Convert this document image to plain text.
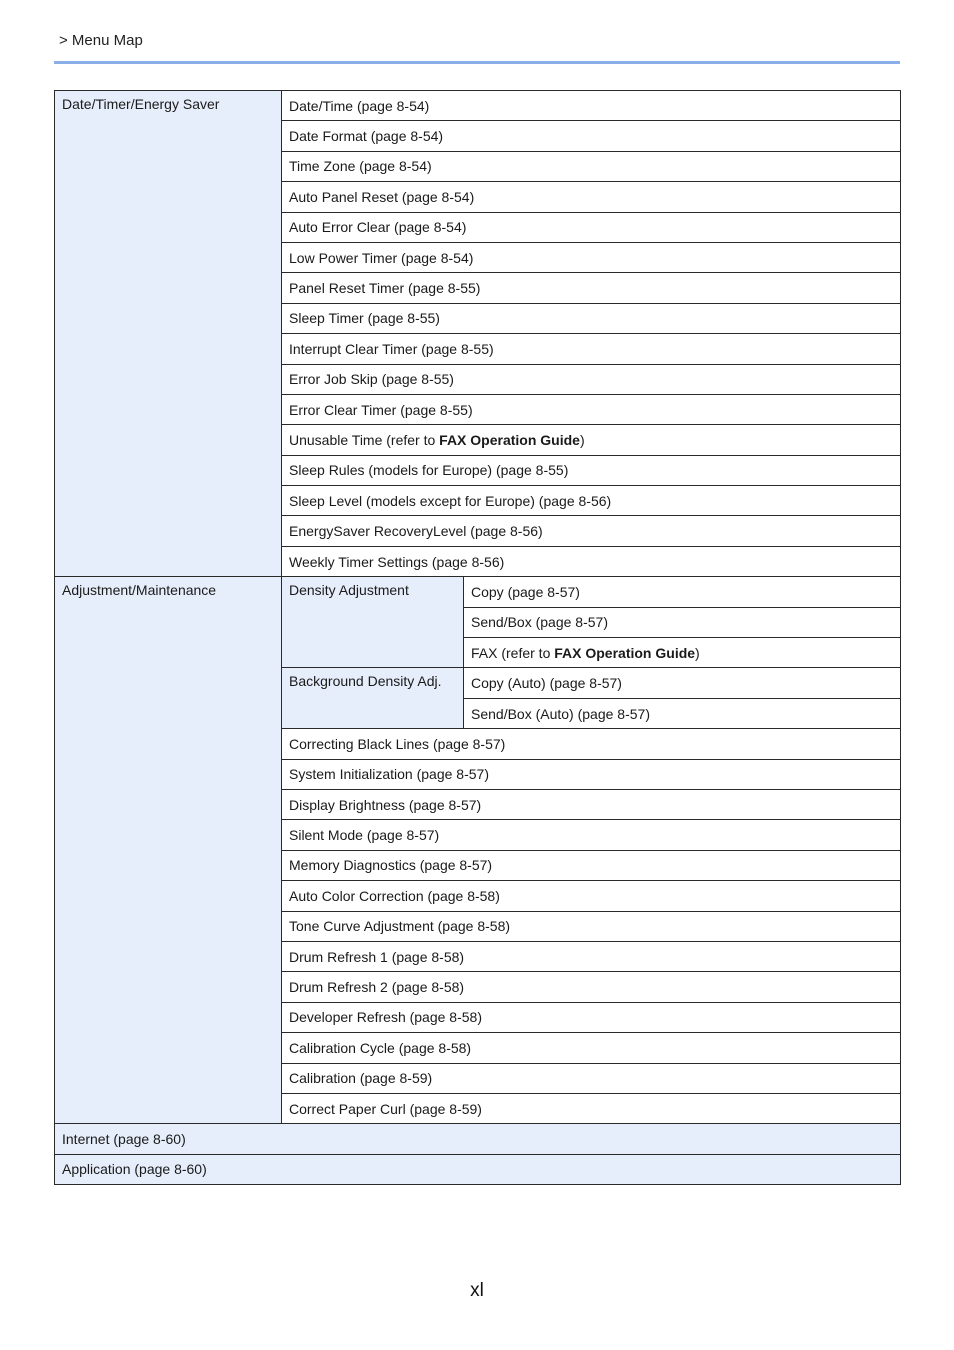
> Menu Map
Date/Timer/Energy Saver	Date/Time (page 8-54)	
	Date Format (page 8-54)	
	Time Zone (page 8-54)	
	Auto Panel Reset (page 8-54)	
	Auto Error Clear (page 8-54)	
	Low Power Timer (page 8-54)	
	Panel Reset Timer (page 8-55)	
	Sleep Timer (page 8-55)	
	Interrupt Clear Timer (page 8-55)	
	Error Job Skip (page 8-55)	
	Error Clear Timer (page 8-55)	
	Unusable Time (refer to FAX Operation Guide)	
	Sleep Rules (models for Europe) (page 8-55)	
	Sleep Level (models except for Europe) (page 8-56)	
	EnergySaver RecoveryLevel (page 8-56)	
	Weekly Timer Settings (page 8-56)	
Adjustment/Maintenance	Density Adjustment	Copy (page 8-57)
		Send/Box (page 8-57)
		FAX (refer to FAX Operation Guide)
	Background Density Adj.	Copy (Auto) (page 8-57)
		Send/Box (Auto) (page 8-57)
	Correcting Black Lines (page 8-57)	
	System Initialization (page 8-57)	
	Display Brightness (page 8-57)	
	Silent Mode (page 8-57)	
	Memory Diagnostics (page 8-57)	
	Auto Color Correction (page 8-58)	
	Tone Curve Adjustment (page 8-58)	
	Drum Refresh 1 (page 8-58)	
	Drum Refresh 2 (page 8-58)	
	Developer Refresh (page 8-58)	
	Calibration Cycle (page 8-58)	
	Calibration (page 8-59)	
	Correct Paper Curl (page 8-59)	
Internet (page 8-60)		
Application (page 8-60)		
xl
